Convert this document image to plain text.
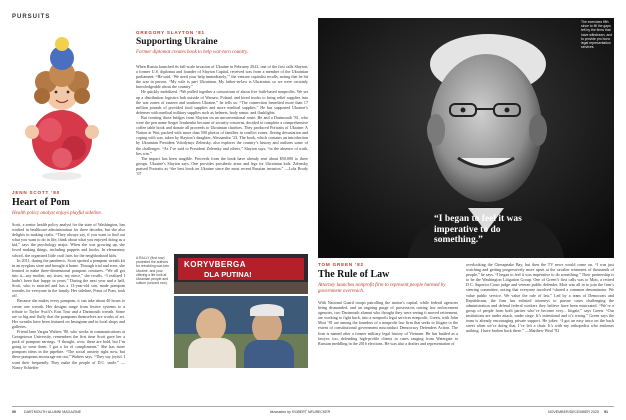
PURSUITS
JENN SCOTT ’80
Heart of Pom
Health policy analyst enjoys playful sideline.

Scott, a senior health policy analyst for the state of Washington, has worked in healthcare administration for three decades, but she also delights in making crafts. “They always say, if you want to find out what you want to do in life, think about what you enjoyed doing as a kid,” says the psychology major. When she was growing up, she loved making things, including puppets and books. In elementary school, she organized little craft fairs for the neighborhood kids.

In 2011, during the pandemic, Scott spotted a pompom wreath kit in an eyeglass store and brought it home. Through trial and error, she learned to make three-dimensional pompom creatures. “We all got into it—my mother, my sister, my niece,” she recalls. “I realized I hadn’t been that happy in years.” During the next year and a half, Scott, who is married and has a 13-year-old son, made pompom wreaths for everyone in the family. Her sideline, Poms of Pom, took off.

Because she makes every pompom, it can take about 40 hours to create one wreath. Her designs range from festive systems to a tribute to Taylor Swift’s Eras Tour and a Dartmouth wreath. Some are so big and fluffy that the pompoms themselves are works of art. Her wreaths have been featured on Instagram and in local shops and galleries.

Friend Jane Vargas Walters ’80, who works in communications at Georgetown University, remembers the first time Scott gave her a pack of pompom earrings. “I thought, wow, these are bold, but I’m going to wear them. I got a lot of compliments.” She has more pompom ideas in the pipeline. “The social anxiety right now, but these pompoms encourage me out,” Walters says. “They say joyful. I want their frequently. They make the people of D.C. smile.” —Nancy Schieffer

GREGORY SLAYTON ’81
Supporting Ukraine
Former diplomat creates book to help war-torn country.

When Russia launched its full-scale invasion of Ukraine in February 2022, one of the first calls Slayton, a former U.S. diplomat and founder of Slayton Capital, received was from a member of the Ukrainian parliament. “He said, ‘We need your help immediately,’” the venture capitalist recalls, noting that he hit the war in person. “My wife is part Ukrainian. My father-in-law is Ukrainian, so we were certainly knowledgeable about the country.”

He quickly mobilized. “We pulled together a consortium of about five faith-based nonprofits. We set up a distribution logistics hub outside of Warsaw, Poland, and hired trucks to bring relief supplies into the war zones of eastern and southern Ukraine,” he tells us. “The connection benefited more than 17 million pounds of provided food supplies and more medical supplies.” He has supported Ukraine’s defenses with medical military supplies such as helmets, body armor, and flashlights.

But creating those bridges from Slayton on an unconventional route. He and a Dartmouth ’81, who were the pen name Sergei Ivashenko because of security concerns, decided to complete a comprehensive coffee table book and donate all proceeds to Ukrainian charities. They produced Portraits of Ukraine: A Nation at War, packed with more than 500 photos of families in conflict zones, fleeing devastation and coping with war, taken by Slayton’s daughter, Alessandra ’23. The book, which contains an introduction by Ukrainian President Volodymyr Zelensky, also explores the country’s history and outlines some of the challenges. “As I’ve said to President Zelensky and others,” Slayton says, “in the absence of truth, lies win.”

The impact has been tangible. Proceeds from the book have already sent about $50,000 to three groups. Ukraine’s Slayton says. One provides prosthetic arms and legs for Ukrainian kids. Zelensky praised Portraits as “the best book on Ukraine since the most recent Russian invasion.” —Lola Brody ’07

A RALLY (first row) protested the authors for rebuilding war-torn Ukraine, and your offering a life look at Ukrainian people and culture (second row).
KORYVBERGA
DLA PUTINA!
“I began to feel it was imperative to do something.”
The exercises fifth since to fill the gaps left by the firms that have withdrawn, and to provide pro bono legal representation services.
TOM GREEN ’82
The Rule of Law
Attorney launches nonprofit firm to represent people harmed by government overreach.

With National Guard troops patrolling the nation’s capital, while federal agencies being dismantled, and an ongoing purge of prosecutors raising law enforcement agencies, two Dartmouth alumni who thought they were seeing it moved retirement, are working to fight back, into a nonprofit legal services nonprofit. Green, with John Mott ’81 are among the founders of a nonprofit law firm that seeks to litigate to the extent of constitutional government misconduct Democracy Defenders Action. The firm is named after a former military legal history of Vietnam. He has battled as a lawyer, too, defending high-profile clients in cases ranging from Watergate to Russian meddling in the 2016 elections. He was also a drafter and representation of

overlooking the Chesapeake Bay, but then the TV news would come on. “I was just watching and getting progressively more upset at the cavalier treatment of thousands of people,” he says. “I began to feel it was imperative to do something.” Their partnership is to be the Washington Litigation Group. One of Green’s first calls was to Mott, a retired D.C. Superior Court judge and veteran public defender. Mott was all in to join the firm’s steering committee, noting that everyone involved “shared a common denominator. We value public service. We value the rule of law.” Led by a team of Democrats and Republicans, the firm has enlisted attorneys to pursue cases challenging the administration and defend federal workers they believe have been mistreated. “We’re a group of people from both parties who’ve become very... litigate,” says Green. “Our institutions are under attack, under siege. It’s intentional and it’s wrong.” Green says the team is already encouraging private support. He jokes: “I got an easy intro on the back street when we’re doing that. I’ve left a chair. It’s with my orthopedist who endorses nothing. I have broken back there.” —Matthew Weal ’92

90 DARTMOUTH ALUMNI MAGAZINE	illustration by ROBERT NEUBECKER	NOVEMBER/DECEMBER 2025 91
